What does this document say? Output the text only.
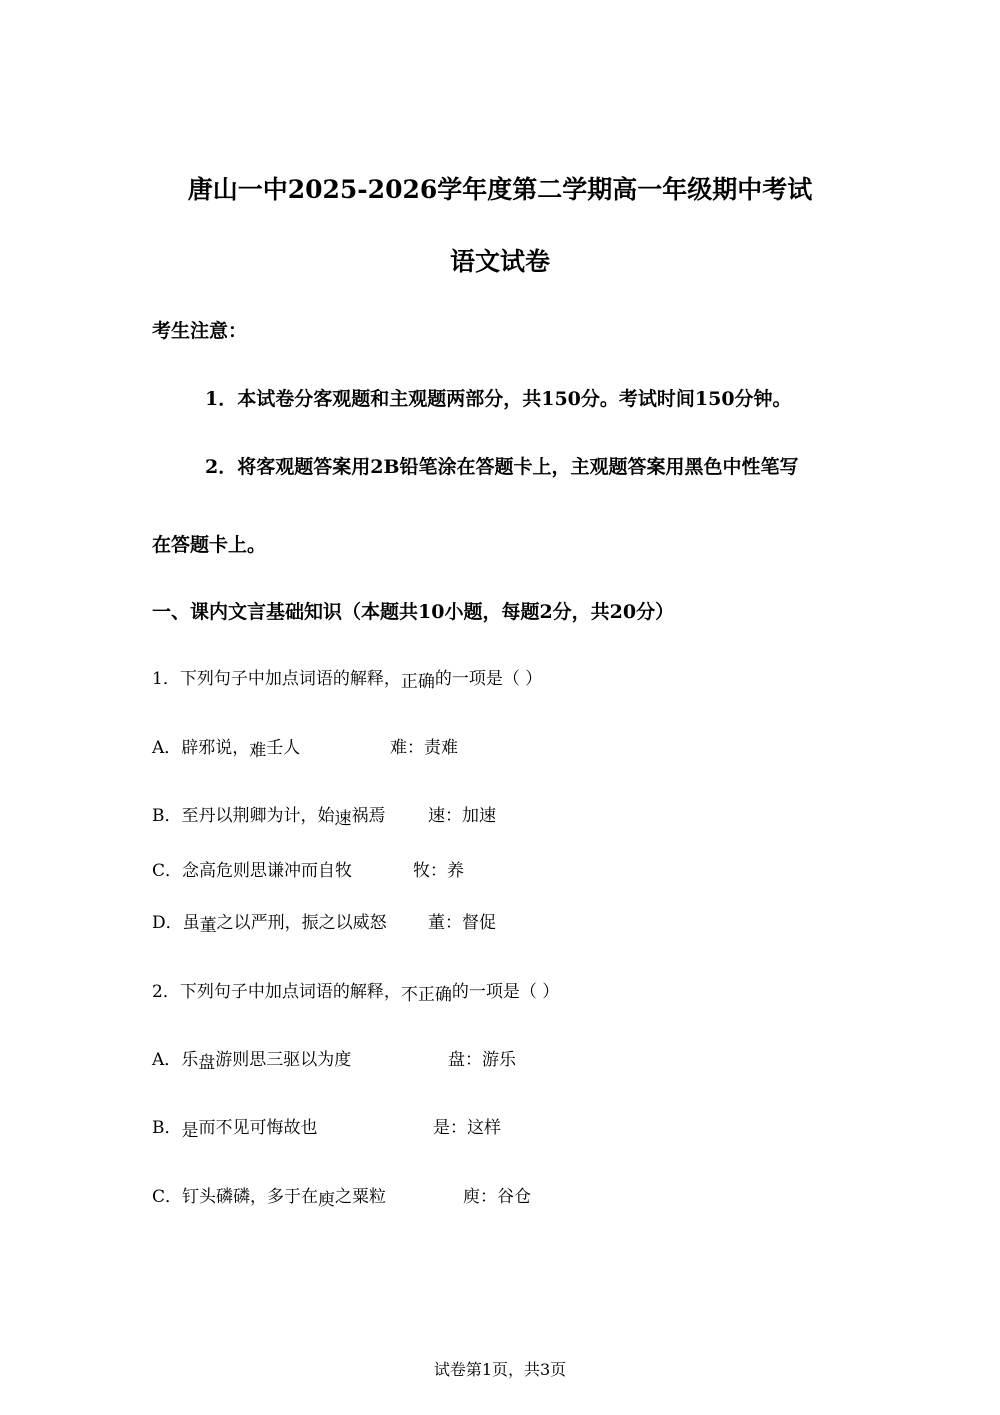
唐山一中2025-2026学年度第二学期高一年级期中考试
语文试卷
考生注意：
1．本试卷分客观题和主观题两部分，共150分。考试时间150分钟。
2．将客观题答案用2B铅笔涂在答题卡上，主观题答案用黑色中性笔写
在答题卡上。
一、课内文言基础知识（本题共10小题，每题2分，共20分）
1．下列句子中加点词语的解释，正确的一项是（ ）
A．辟邪说，难壬人	难：责难
B．至丹以荆卿为计，始速祸焉	速：加速
C．念高危则思谦冲而自牧	牧：养
D．虽董之以严刑，振之以威怒 董：督促
2．下列句子中加点词语的解释，不正确的一项是（ ）
A．乐盘游则思三驱以为度	盘：游乐
B．是而不见可悔故也	是：这样
C．钉头磷磷，多于在庾之粟粒	庾：谷仓
试卷第1页，共3页
